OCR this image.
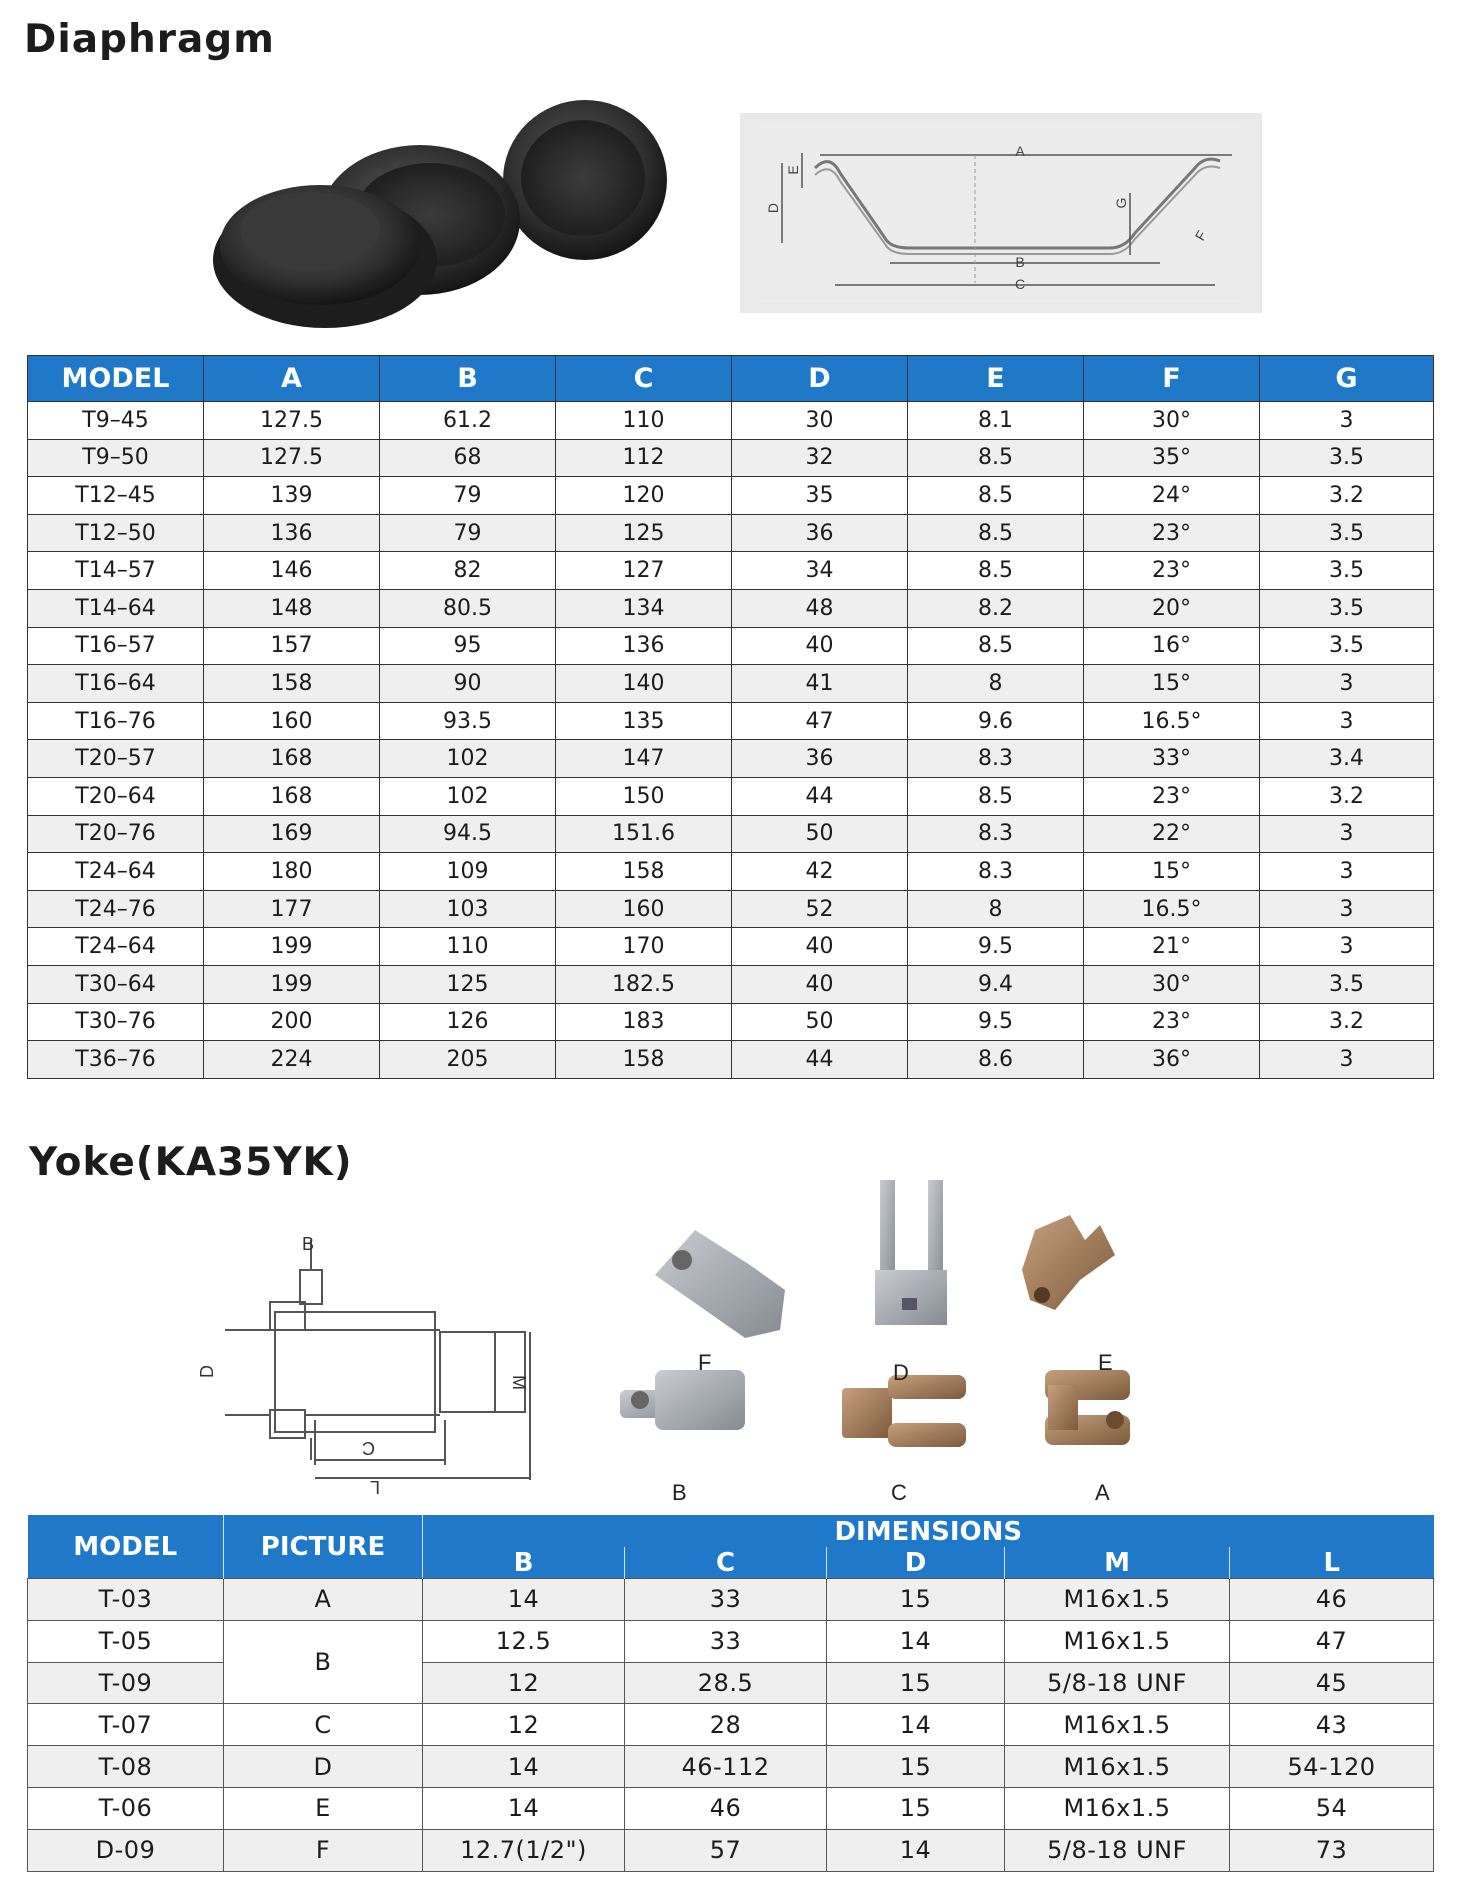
Diaphragm
A
B
C
D
E
F
G
MODEL	A	B	C	D	E	F	G
T9–45	127.5	61.2	110	30	8.1	30°	3
T9–50	127.5	68	112	32	8.5	35°	3.5
T12–45	139	79	120	35	8.5	24°	3.2
T12–50	136	79	125	36	8.5	23°	3.5
T14–57	146	82	127	34	8.5	23°	3.5
T14–64	148	80.5	134	48	8.2	20°	3.5
T16–57	157	95	136	40	8.5	16°	3.5
T16–64	158	90	140	41	8	15°	3
T16–76	160	93.5	135	47	9.6	16.5°	3
T20–57	168	102	147	36	8.3	33°	3.4
T20–64	168	102	150	44	8.5	23°	3.2
T20–76	169	94.5	151.6	50	8.3	22°	3
T24–64	180	109	158	42	8.3	15°	3
T24–76	177	103	160	52	8	16.5°	3
T24–64	199	110	170	40	9.5	21°	3
T30–64	199	125	182.5	40	9.4	30°	3.5
T30–76	200	126	183	50	9.5	23°	3.2
T36–76	224	205	158	44	8.6	36°	3
Yoke(KA35YK)
B
D
M
C
L
F	D	E
B	C	A
MODEL	PICTURE	DIMENSIONS				
		B	C	D	M	L
T-03	A	14	33	15	M16x1.5	46
T-05	B	12.5	33	14	M16x1.5	47
T-09		12	28.5	15	5/8-18 UNF	45
T-07	C	12	28	14	M16x1.5	43
T-08	D	14	46-112	15	M16x1.5	54-120
T-06	E	14	46	15	M16x1.5	54
D-09	F	12.7(1/2")	57	14	5/8-18 UNF	73
